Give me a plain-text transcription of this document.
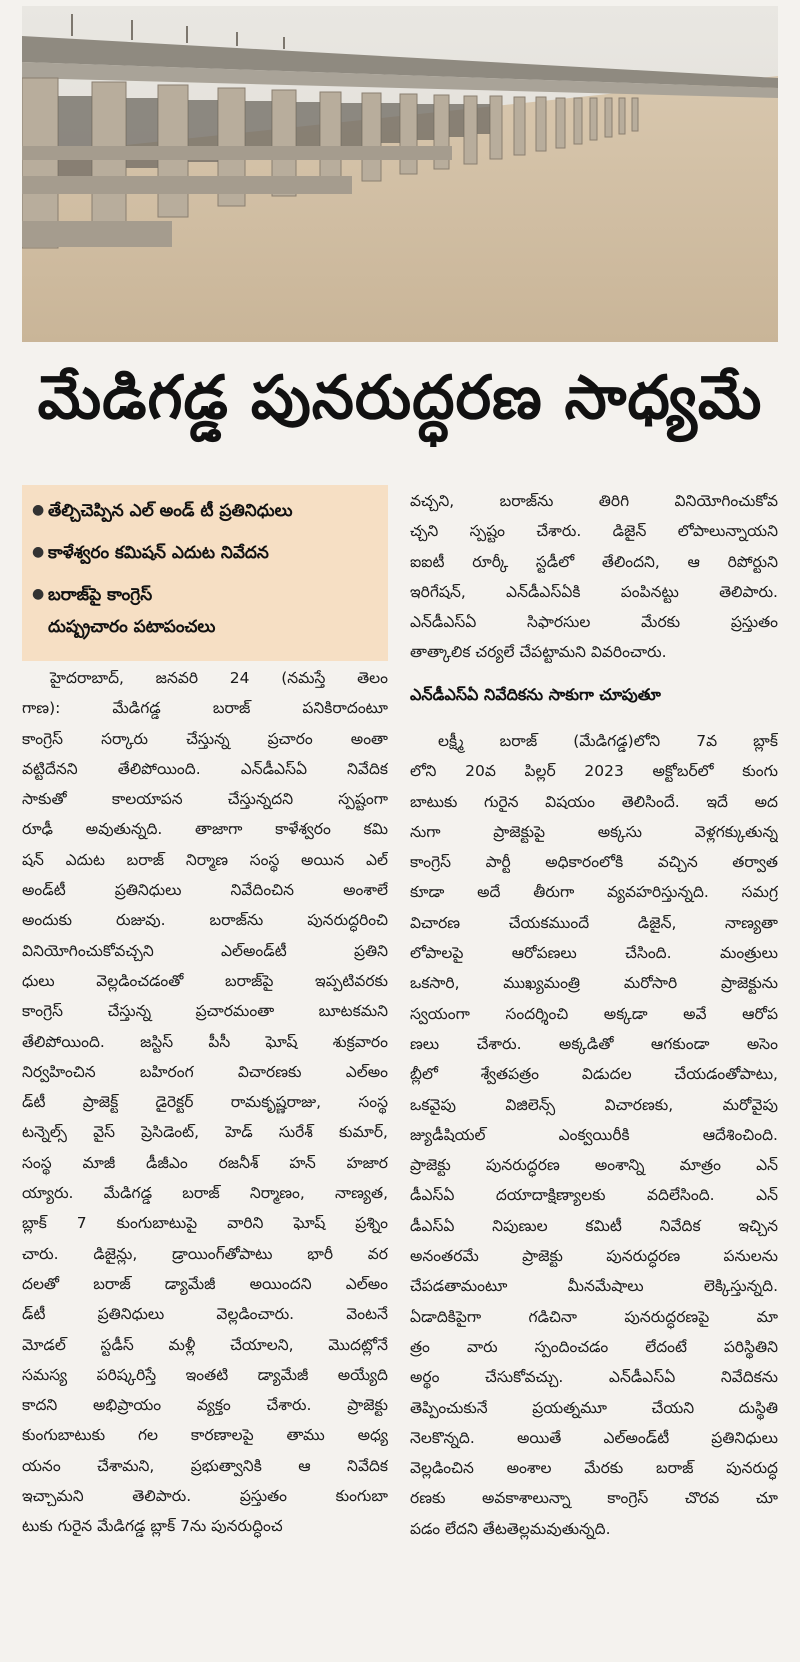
మేడిగడ్డ పునరుద్ధరణ సాధ్యమే
● తేల్చిచెప్పిన ఎల్ అండ్ టీ ప్రతినిధులు
● కాళేశ్వరం కమిషన్ ఎదుట నివేదన
● బరాజ్‌పై కాంగ్రెస్
దుష్ప్రచారం పటాపంచలు
హైదరాబాద్, జనవరి 24 (నమస్తే తెలం
గాణ): మేడిగడ్డ బరాజ్ పనికిరాదంటూ
కాంగ్రెస్ సర్కారు చేస్తున్న ప్రచారం అంతా
వట్టిదేనని తేలిపోయింది. ఎన్‌డీఎస్‌ఏ నివేదిక
సాకుతో కాలయాపన చేస్తున్నదని స్పష్టంగా
రూఢీ అవుతున్నది. తాజాగా కాళేశ్వరం కమి
షన్ ఎదుట బరాజ్ నిర్మాణ సంస్థ అయిన ఎల్
అండ్‌టీ ప్రతినిధులు నివేదించిన అంశాలే
అందుకు రుజువు. బరాజ్‌ను పునరుద్ధరించి
వినియోగించుకోవచ్చని ఎల్‌అండ్‌టీ ప్రతిని
ధులు వెల్లడించడంతో బరాజ్‌పై ఇప్పటివరకు
కాంగ్రెస్ చేస్తున్న ప్రచారమంతా బూటకమని
తేలిపోయింది. జస్టిస్ పీసీ ఘోష్ శుక్రవారం
నిర్వహించిన బహిరంగ విచారణకు ఎల్‌అం
డ్‌టీ ప్రాజెక్ట్ డైరెక్టర్ రామకృష్ణరాజు, సంస్థ
టన్నెల్స్ వైస్ ప్రెసిడెంట్, హెడ్ సురేశ్ కుమార్,
సంస్థ మాజీ డీజీఎం రజనీశ్ హన్ హజార
య్యారు. మేడిగడ్డ బరాజ్ నిర్మాణం, నాణ్యత,
బ్లాక్ 7 కుంగుబాటుపై వారిని ఘోష్ ప్రశ్నిం
చారు. డిజైన్లు, డ్రాయింగ్‌తోపాటు భారీ వర
దలతో బరాజ్ డ్యామేజీ అయిందని ఎల్‌అం
డ్‌టీ ప్రతినిధులు వెల్లడించారు. వెంటనే
మోడల్ స్టడీస్ మళ్లీ చేయాలని, మొదట్లోనే
సమస్య పరిష్కరిస్తే ఇంతటి డ్యామేజీ అయ్యేది
కాదని అభిప్రాయం వ్యక్తం చేశారు. ప్రాజెక్టు
కుంగుబాటుకు గల కారణాలపై తాము అధ్య
యనం చేశామని, ప్రభుత్వానికి ఆ నివేదిక
ఇచ్చామని తెలిపారు. ప్రస్తుతం కుంగుబా
టుకు గురైన మేడిగడ్డ బ్లాక్ 7ను పునరుద్ధించ
వచ్చని, బరాజ్‌ను తిరిగి వినియోగించుకోవ
చ్చని స్పష్టం చేశారు. డిజైన్ లోపాలున్నాయని
ఐఐటీ రూర్కీ స్టడీలో తేలిందని, ఆ రిపోర్టుని
ఇరిగేషన్, ఎన్‌డీఎస్‌ఏకి పంపినట్టు తెలిపారు.
ఎన్‌డీఎస్‌ఏ సిఫారసుల మేరకు ప్రస్తుతం
తాత్కాలిక చర్యలే చేపట్టామని వివరించారు.
ఎన్‌డీఎస్‌ఏ నివేదికను సాకుగా చూపుతూ
లక్ష్మీ బరాజ్ (మేడిగడ్డ)లోని 7వ బ్లాక్
లోని 20వ పిల్లర్ 2023 అక్టోబర్‌లో కుంగు
బాటుకు గురైన విషయం తెలిసిందే. ఇదే అద
నుగా ప్రాజెక్టుపై అక్కసు వెళ్లగక్కుతున్న
కాంగ్రెస్ పార్టీ అధికారంలోకి వచ్చిన తర్వాత
కూడా అదే తీరుగా వ్యవహరిస్తున్నది. సమగ్ర
విచారణ చేయకముందే డిజైన్, నాణ్యతా
లోపాలపై ఆరోపణలు చేసింది. మంత్రులు
ఒకసారి, ముఖ్యమంత్రి మరోసారి ప్రాజెక్టును
స్వయంగా సందర్శించి అక్కడా అవే ఆరోప
ణలు చేశారు. అక్కడితో ఆగకుండా అసెం
బ్లీలో శ్వేతపత్రం విడుదల చేయడంతోపాటు,
ఒకవైపు విజిలెన్స్ విచారణకు, మరోవైపు
జ్యుడీషియల్ ఎంక్వయిరీకి ఆదేశించింది.
ప్రాజెక్టు పునరుద్ధరణ అంశాన్ని మాత్రం ఎన్
డీఎస్‌ఏ దయాదాక్షిణ్యాలకు వదిలేసింది. ఎన్
డీఎస్‌ఏ నిపుణుల కమిటీ నివేదిక ఇచ్చిన
అనంతరమే ప్రాజెక్టు పునరుద్ధరణ పనులను
చేపడతామంటూ మీనమేషాలు లెక్కిస్తున్నది.
ఏడాదికిపైగా గడిచినా పునరుద్ధరణపై మా
త్రం వారు స్పందించడం లేదంటే పరిస్థితిని
అర్థం చేసుకోవచ్చు. ఎన్‌డీఎస్‌ఏ నివేదికను
తెప్పించుకునే ప్రయత్నమూ చేయని దుస్థితి
నెలకొన్నది. అయితే ఎల్‌అండ్‌టీ ప్రతినిధులు
వెల్లడించిన అంశాల మేరకు బరాజ్ పునరుద్ధ
రణకు అవకాశాలున్నా కాంగ్రెస్ చొరవ చూ
పడం లేదని తేటతెల్లమవుతున్నది.
